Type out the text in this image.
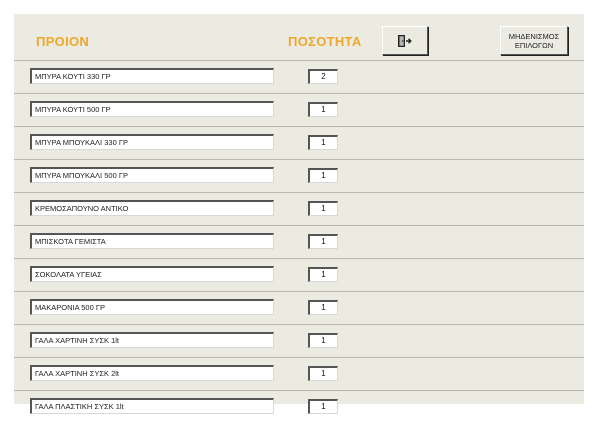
ΠΡΟΙΟΝ	ΠΟΣΟΤΗΤΑ	ΜΗΔΕΝΙΣΜΟΣ
ΕΠΙΛΟΓΩΝ
ΜΠΥΡΑ ΚΟΥΤΙ 330 ΓΡ	2
ΜΠΥΡΑ ΚΟΥΤΙ 500 ΓΡ	1
ΜΠΥΡΑ ΜΠΟΥΚΑΛΙ 330 ΓΡ	1
ΜΠΥΡΑ ΜΠΟΥΚΑΛΙ 500 ΓΡ	1
ΚΡΕΜΟΣΑΠΟΥΝΟ ΑΝΤΙΚΟ	1
ΜΠΙΣΚΟΤΑ ΓΕΜΙΣΤΑ	1
ΣΟΚΟΛΑΤΑ ΥΓΕΙΑΣ	1
ΜΑΚΑΡΟΝΙΑ 500 ΓΡ	1
ΓΑΛΑ ΧΑΡΤΙΝΗ ΣΥΣΚ 1lt	1
ΓΑΛΑ ΧΑΡΤΙΝΗ ΣΥΣΚ 2lt	1
ΓΑΛΑ ΠΛΑΣΤΙΚΗ ΣΥΣΚ 1lt	1
